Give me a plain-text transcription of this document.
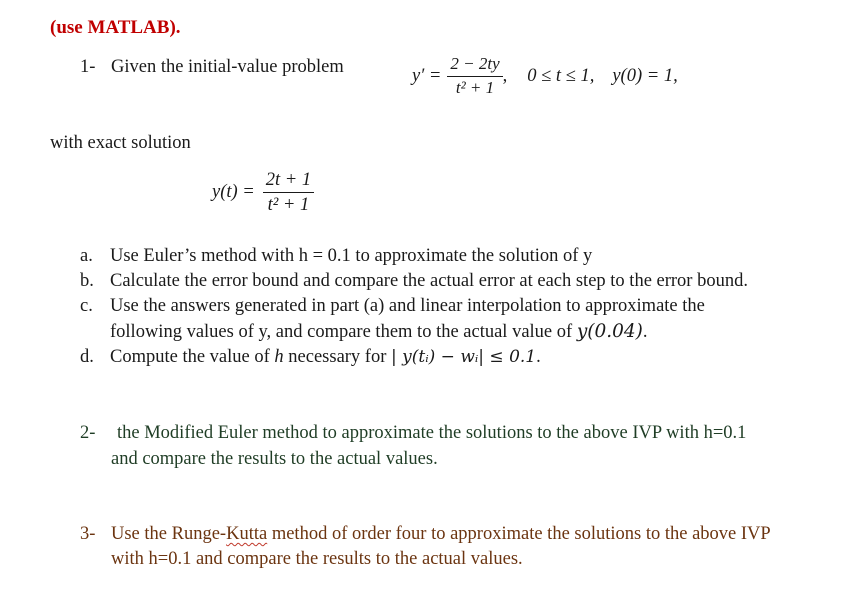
(use MATLAB).
1- Given the initial-value problem	$y' = \frac{2 - 2ty}{\text{t² + 1}}$ , 0 ≤ t ≤ 1, y(0) = 1,
with exact solution
$y(t) = \frac{2t + 1}{\text{t² + 1}}$
a. Use Euler’s method with h = 0.1 to approximate the solution of y
b. Calculate the error bound and compare the actual error at each step to the error bound.
c. Use the answers generated in part (a) and linear interpolation to approximate the
following values of y, and compare them to the actual value of y(0.04).
d. Compute the value of h necessary for | y(tᵢ) − wᵢ| ≤ 0.1.
2- the Modified Euler method to approximate the solutions to the above IVP with h=0.1
and compare the results to the actual values.
3- Use the Runge-Kutta method of order four to approximate the solutions to the above IVP
with h=0.1 and compare the results to the actual values.
